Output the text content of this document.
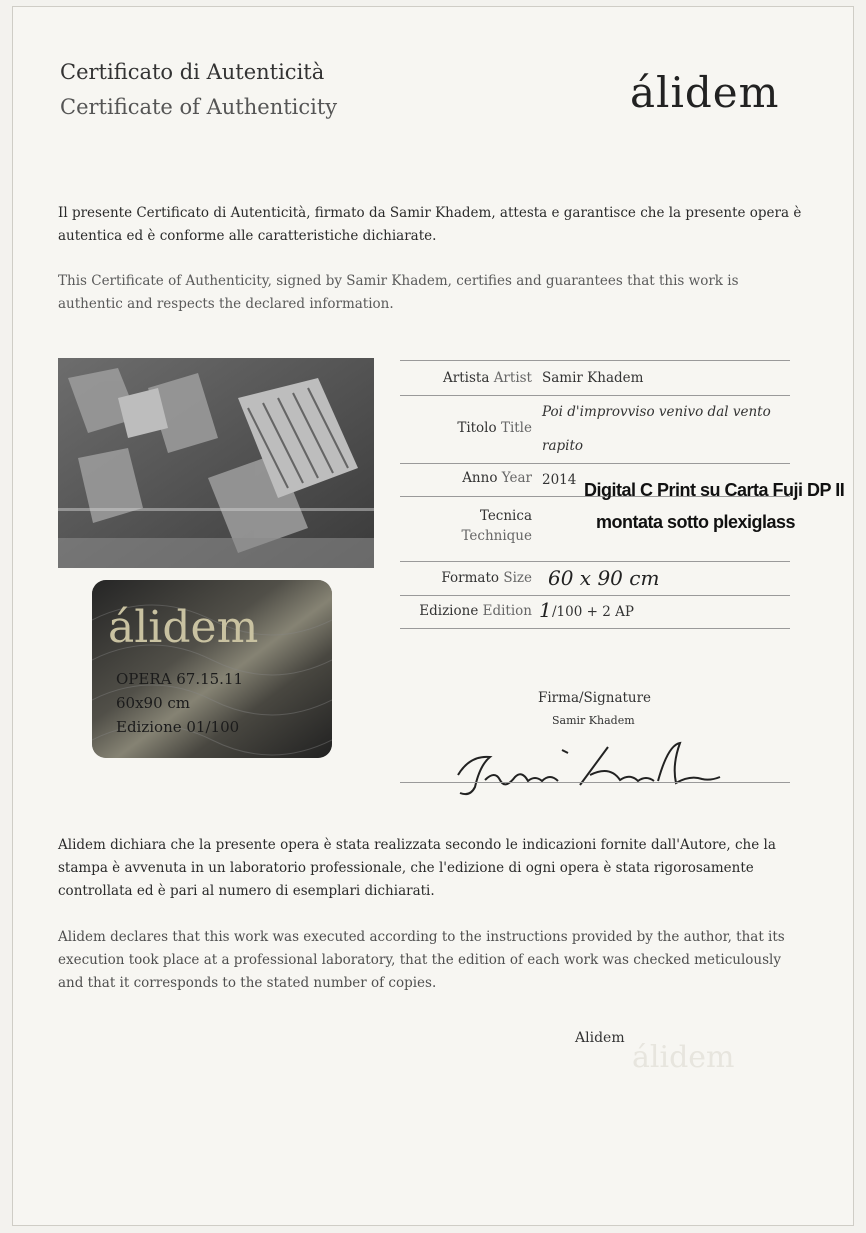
Certificato di Autenticità
Certificate of Authenticity	álidem
Il presente Certificato di Autenticità, firmato da Samir Khadem, attesta e garantisce che la presente opera è autentica ed è conforme alle caratteristiche dichiarate.
This Certificate of Authenticity, signed by Samir Khadem, certifies and guarantees that this work is authentic and respects the declared information.
álidem
OPERA 67.15.11
60x90 cm
Edizione 01/100
Artista Artist Samir Khadem
Titolo Title
Poi d'improvviso venivo dal vento
rapito
Anno Year 2014
Tecnica
Technique
Digital C Print su Carta Fuji DP II
montata sotto plexiglass
Formato Size 60 x 90 cm
Edizione Edition 1 /100 + 2 AP
Firma/Signature
Samir Khadem
Alidem dichiara che la presente opera è stata realizzata secondo le indicazioni fornite dall'Autore, che la stampa è avvenuta in un laboratorio professionale, che l'edizione di ogni opera è stata rigorosamente controllata ed è pari al numero di esemplari dichiarati.
Alidem declares that this work was executed according to the instructions provided by the author, that its execution took place at a professional laboratory, that the edition of each work was checked meticulously and that it corresponds to the stated number of copies.
Alidem
álidem
